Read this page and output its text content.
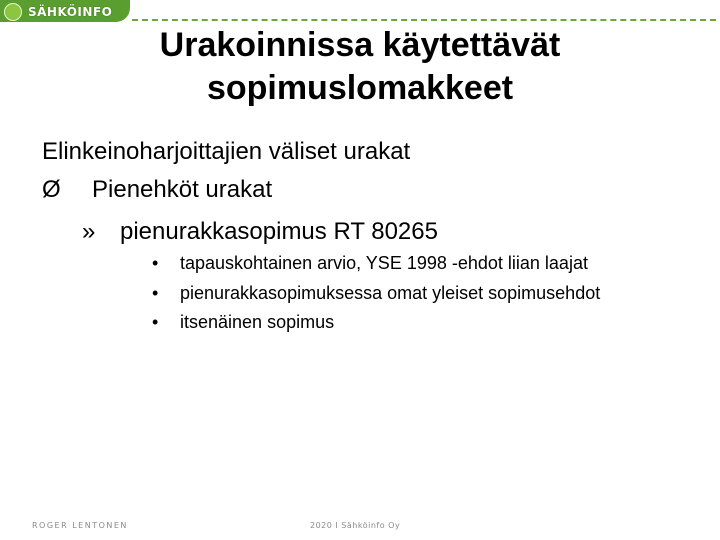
SÄHKÖINFO
Urakoinnissa käytettävät
sopimuslomakkeet
Elinkeinoharjoittajien väliset urakat
Ø Pienehköt urakat
» pienurakkasopimus RT 80265
• tapauskohtainen arvio, YSE 1998 -ehdot liian laajat
• pienurakkasopimuksessa omat yleiset sopimusehdot
• itsenäinen sopimus
ROGER LENTONEN	2020 I Sähköinfo Oy
